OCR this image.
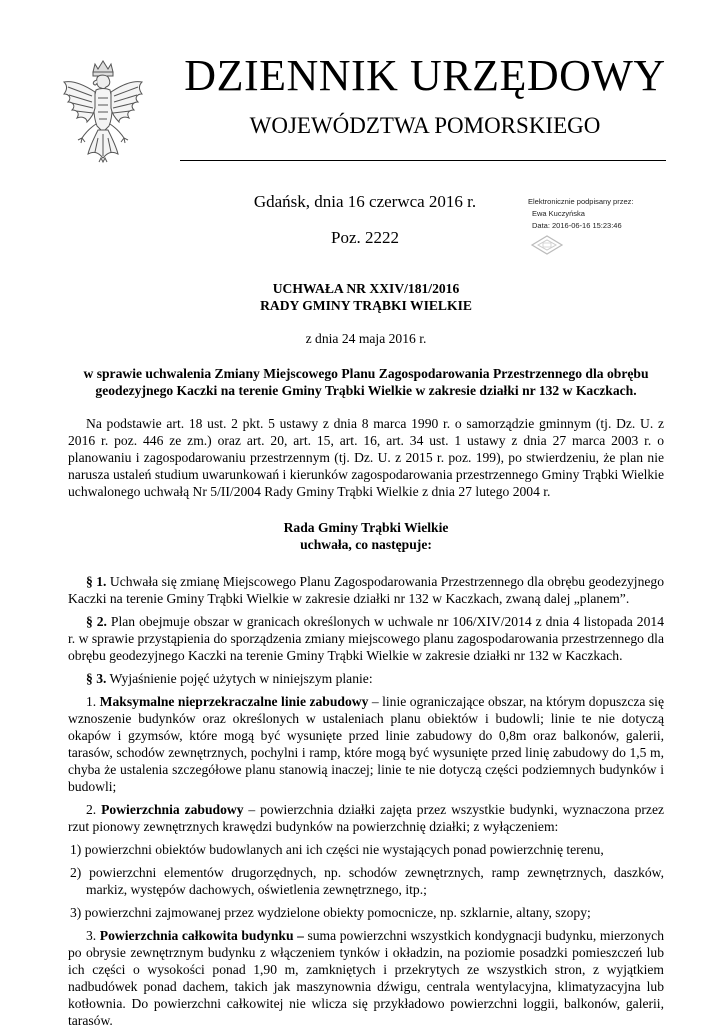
DZIENNIK URZĘDOWY
WOJEWÓDZTWA POMORSKIEGO
Gdańsk, dnia 16 czerwca 2016 r.
Poz. 2222
Elektronicznie podpisany przez:
Ewa Kuczyńska
Data: 2016-06-16 15:23:46
UCHWAŁA NR XXIV/181/2016
RADY GMINY TRĄBKI WIELKIE
z dnia 24 maja 2016 r.
w sprawie uchwalenia Zmiany Miejscowego Planu Zagospodarowania Przestrzennego dla obrębu geodezyjnego Kaczki na terenie Gminy Trąbki Wielkie w zakresie działki nr 132 w Kaczkach.
Na podstawie art. 18 ust. 2 pkt. 5 ustawy z dnia 8 marca 1990 r. o samorządzie gminnym (tj. Dz. U. z 2016 r. poz. 446 ze zm.) oraz art. 20, art. 15, art. 16, art. 34 ust. 1 ustawy z dnia 27 marca 2003 r. o planowaniu i zagospodarowaniu przestrzennym (tj. Dz. U. z 2015 r. poz. 199), po stwierdzeniu, że plan nie narusza ustaleń studium uwarunkowań i kierunków zagospodarowania przestrzennego Gminy Trąbki Wielkie uchwalonego uchwałą Nr 5/II/2004 Rady Gminy Trąbki Wielkie z dnia 27 lutego 2004 r.
Rada Gminy Trąbki Wielkie
uchwała, co następuje:

§ 1. Uchwała się zmianę Miejscowego Planu Zagospodarowania Przestrzennego dla obrębu geodezyjnego Kaczki na terenie Gminy Trąbki Wielkie w zakresie działki nr 132 w Kaczkach, zwaną dalej „planem”.

§ 2. Plan obejmuje obszar w granicach określonych w uchwale nr 106/XIV/2014 z dnia 4 listopada 2014 r. w sprawie przystąpienia do sporządzenia zmiany miejscowego planu zagospodarowania przestrzennego dla obrębu geodezyjnego Kaczki na terenie Gminy Trąbki Wielkie w zakresie działki nr 132 w Kaczkach.

§ 3. Wyjaśnienie pojęć użytych w niniejszym planie:

1. Maksymalne nieprzekraczalne linie zabudowy – linie ograniczające obszar, na którym dopuszcza się wznoszenie budynków oraz określonych w ustaleniach planu obiektów i budowli; linie te nie dotyczą okapów i gzymsów, które mogą być wysunięte przed linie zabudowy do 0,8m oraz balkonów, galerii, tarasów, schodów zewnętrznych, pochylni i ramp, które mogą być wysunięte przed linię zabudowy do 1,5 m, chyba że ustalenia szczegółowe planu stanowią inaczej; linie te nie dotyczą części podziemnych budynków i budowli;

2. Powierzchnia zabudowy – powierzchnia działki zajęta przez wszystkie budynki, wyznaczona przez rzut pionowy zewnętrznych krawędzi budynków na powierzchnię działki; z wyłączeniem:

1) powierzchni obiektów budowlanych ani ich części nie wystających ponad powierzchnię terenu,
2) powierzchni elementów drugorzędnych, np. schodów zewnętrznych, ramp zewnętrznych, daszków, markiz, występów dachowych, oświetlenia zewnętrznego, itp.;
3) powierzchni zajmowanej przez wydzielone obiekty pomocnicze, np. szklarnie, altany, szopy;

3. Powierzchnia całkowita budynku – suma powierzchni wszystkich kondygnacji budynku, mierzonych po obrysie zewnętrznym budynku z włączeniem tynków i okładzin, na poziomie posadzki pomieszczeń lub ich części o wysokości ponad 1,90 m, zamkniętych i przekrytych ze wszystkich stron, z wyjątkiem nadbudówek ponad dachem, takich jak maszynownia dźwigu, centrala wentylacyjna, klimatyzacyjna lub kotłownia. Do powierzchni całkowitej nie wlicza się przykładowo powierzchni loggii, balkonów, galerii, tarasów.
